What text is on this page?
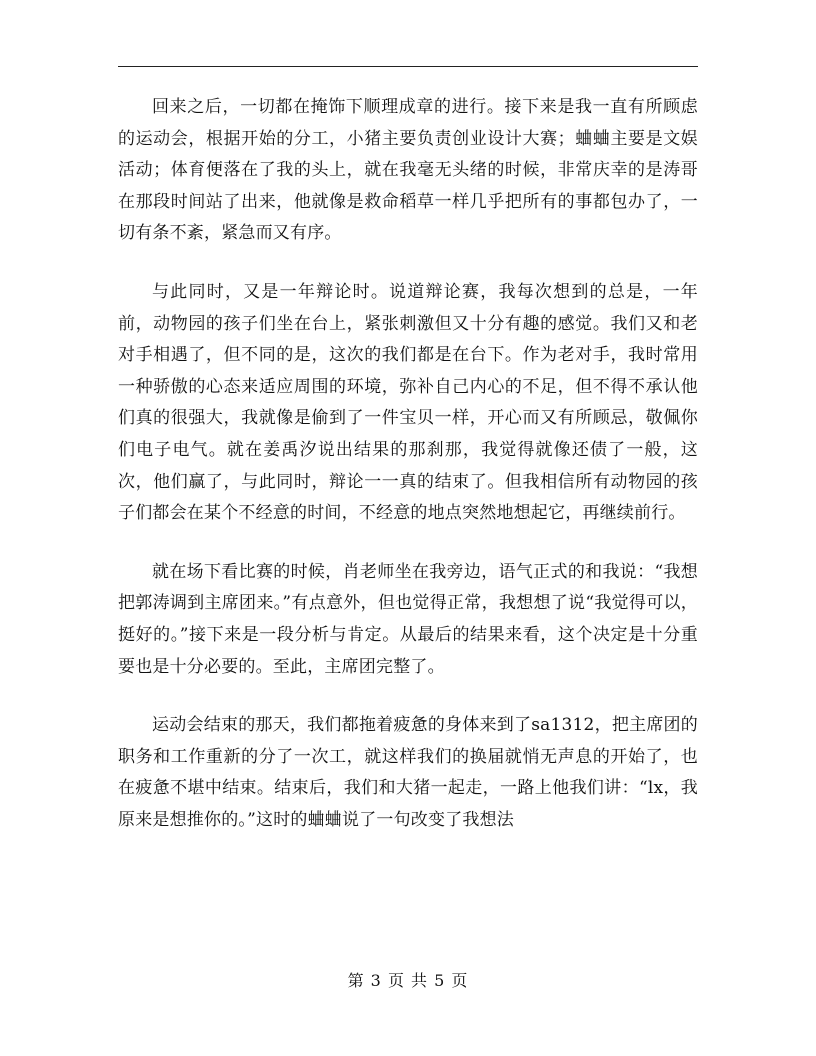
回来之后，一切都在掩饰下顺理成章的进行。接下来是我一直有所顾虑的运动会，根据开始的分工，小猪主要负责创业设计大赛；蛐蛐主要是文娱活动；体育便落在了我的头上，就在我毫无头绪的时候，非常庆幸的是涛哥在那段时间站了出来，他就像是救命稻草一样几乎把所有的事都包办了，一切有条不紊，紧急而又有序。

与此同时，又是一年辩论时。说道辩论赛，我每次想到的总是，一年前，动物园的孩子们坐在台上，紧张刺激但又十分有趣的感觉。我们又和老对手相遇了，但不同的是，这次的我们都是在台下。作为老对手，我时常用一种骄傲的心态来适应周围的环境，弥补自己内心的不足，但不得不承认他们真的很强大，我就像是偷到了一件宝贝一样，开心而又有所顾忌，敬佩你们电子电气。就在姜禹汐说出结果的那刹那，我觉得就像还债了一般，这次，他们赢了，与此同时，辩论一一真的结束了。但我相信所有动物园的孩子们都会在某个不经意的时间，不经意的地点突然地想起它，再继续前行。

就在场下看比赛的时候，肖老师坐在我旁边，语气正式的和我说：“我想把郭涛调到主席团来。”有点意外，但也觉得正常，我想想了说“我觉得可以，挺好的。”接下来是一段分析与肯定。从最后的结果来看，这个决定是十分重要也是十分必要的。至此，主席团完整了。

运动会结束的那天，我们都拖着疲惫的身体来到了sa1312，把主席团的职务和工作重新的分了一次工，就这样我们的换届就悄无声息的开始了，也在疲惫不堪中结束。结束后，我们和大猪一起走，一路上他我们讲：“lx，我原来是想推你的。”这时的蛐蛐说了一句改变了我想法

第 3 页 共 5 页
